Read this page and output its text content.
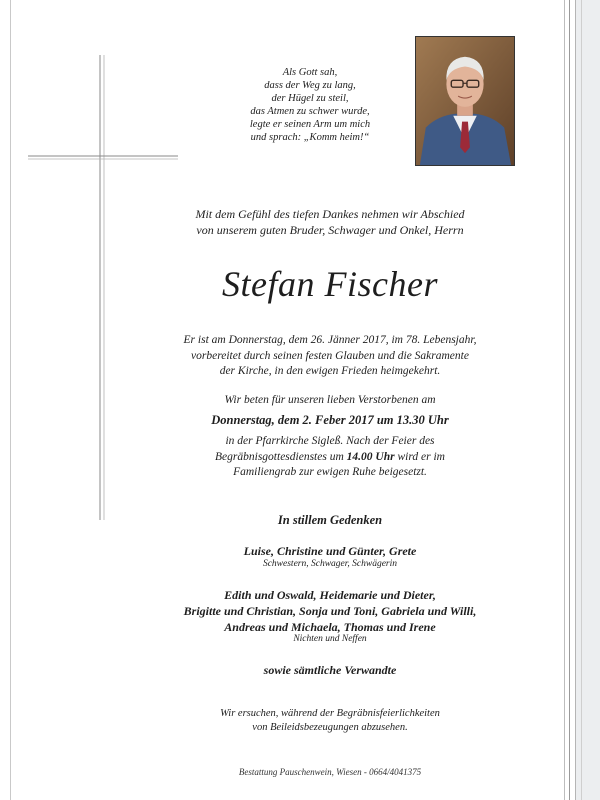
Als Gott sah,
dass der Weg zu lang,
der Hügel zu steil,
das Atmen zu schwer wurde,
legte er seinen Arm um mich
und sprach: „Komm heim!“
Mit dem Gefühl des tiefen Dankes nehmen wir Abschied
von unserem guten Bruder, Schwager und Onkel, Herrn
Stefan Fischer
Er ist am Donnerstag, dem 26. Jänner 2017, im 78. Lebensjahr,
vorbereitet durch seinen festen Glauben und die Sakramente
der Kirche, in den ewigen Frieden heimgekehrt.
Wir beten für unseren lieben Verstorbenen am
Donnerstag, dem 2. Feber 2017 um 13.30 Uhr
in der Pfarrkirche Sigleß. Nach der Feier des
Begräbnisgottesdienstes um 14.00 Uhr wird er im
Familiengrab zur ewigen Ruhe beigesetzt.
In stillem Gedenken
Luise, Christine und Günter, Grete
Schwestern, Schwager, Schwägerin
Edith und Oswald, Heidemarie und Dieter,
Brigitte und Christian, Sonja und Toni, Gabriela und Willi,
Andreas und Michaela, Thomas und Irene
Nichten und Neffen
sowie sämtliche Verwandte
Wir ersuchen, während der Begräbnisfeierlichkeiten
von Beileidsbezeugungen abzusehen.
Bestattung Pauschenwein, Wiesen - 0664/4041375
